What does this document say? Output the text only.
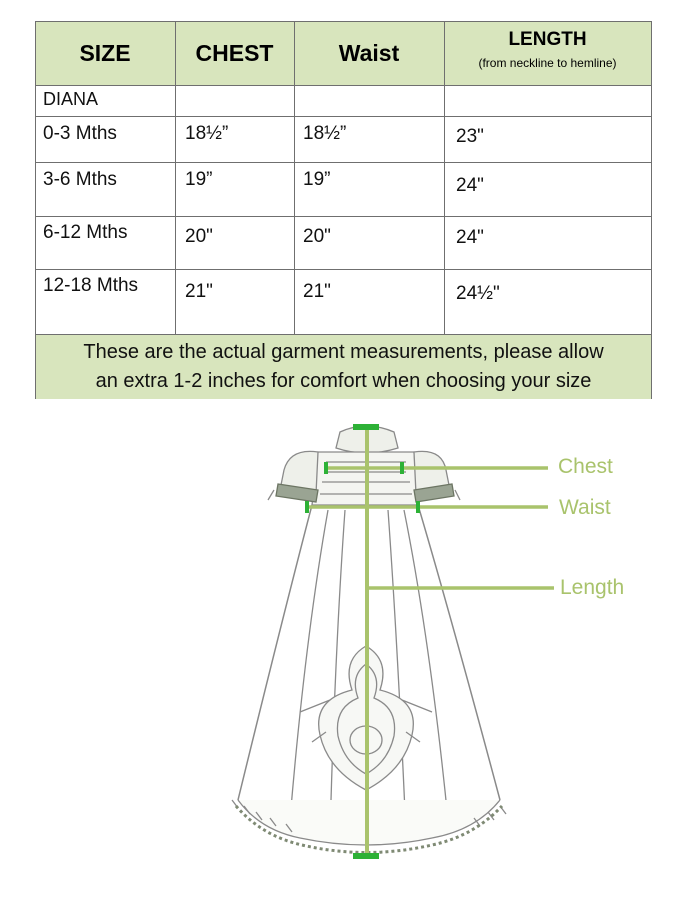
SIZE	CHEST	Waist	LENGTH
(from neckline to hemline)
DIANA
0-3 Mths	18½”	18½”	23"
3-6 Mths	19”	19”	24"
6-12 Mths	20"	20"	24"
12-18 Mths 21"	21"	24½"
These are the actual garment measurements, please allow
an extra 1-2 inches for comfort when choosing your size
Chest
Waist
Length
